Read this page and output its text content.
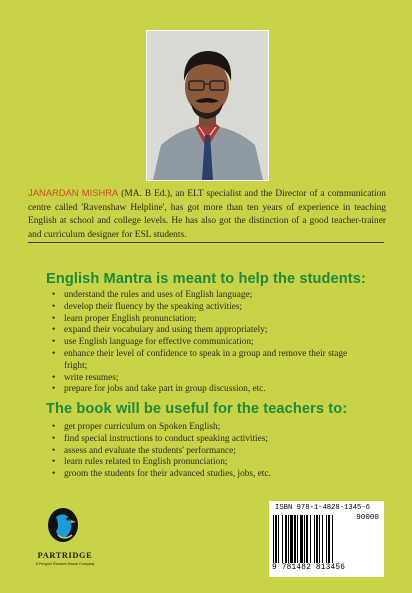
JANARDAN MISHRA (MA. B Ed.), an ELT specialist and the Director of a communication centre called 'Ravenshaw Helpline', has got more than ten years of experience in teaching English at school and college levels. He has also got the distinction of a good teacher-trainer and curriculum designer for ESL students.

English Mantra is meant to help the students:
• understand the rules and uses of English language;
• develop their fluency by the speaking activities;
• learn proper English pronunciation;
• expand their vocabulary and using them appropriately;
• use English language for effective communication;
• enhance their level of confidence to speak in a group and remove their stage fright;
• write resumes;
• prepare for jobs and take part in group discussion, etc.
The book will be useful for the teachers to:
• get proper curriculum on Spoken English;
• find special instructions to conduct speaking activities;
• assess and evaluate the students' performance;
• learn rules related to English pronunciation;
• groom the students for their advanced studies, jobs, etc.
PARTRIDGE
A Penguin Random House Company
ISBN 978-1-4828-1345-6
90000
9 781482 813456
